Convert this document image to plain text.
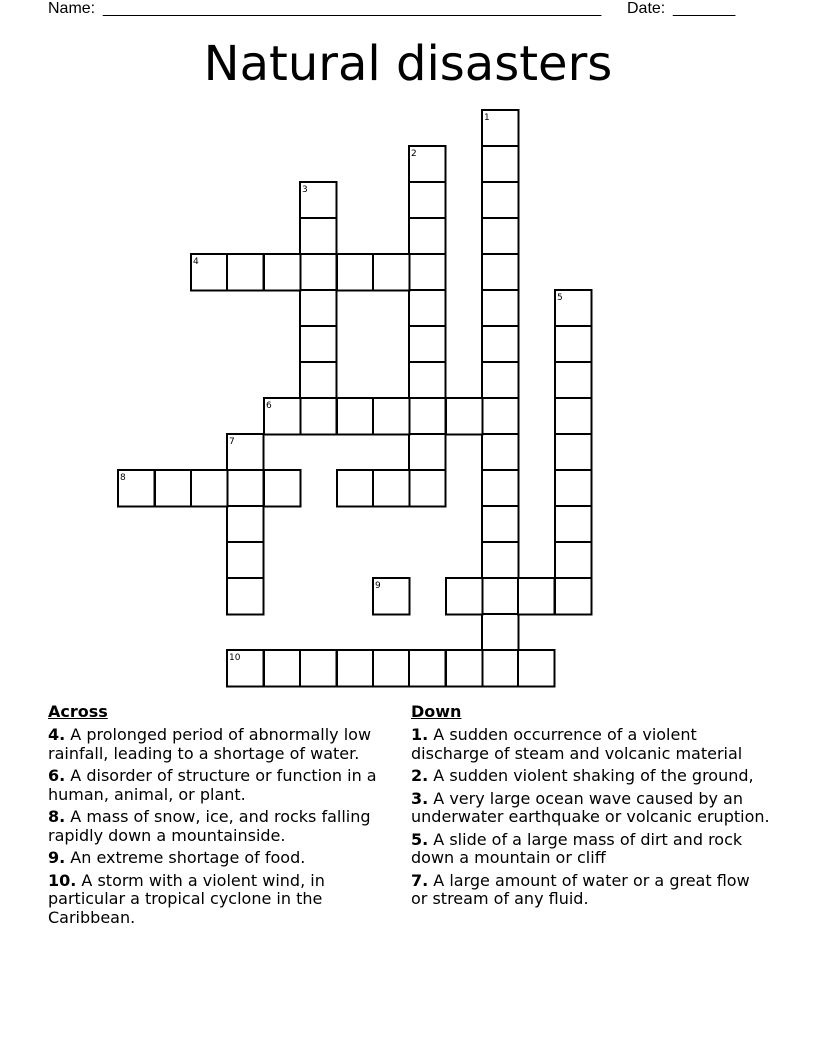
Name:

________________________________________________________

Date:

_______

Natural disasters
1
2
3
4
5
6
7
8
9
10
Across
4. A prolonged period of abnormally low rainfall, leading to a shortage of water.
6. A disorder of structure or function in a human, animal, or plant.
8. A mass of snow, ice, and rocks falling rapidly down a mountainside.
9. An extreme shortage of food.
10. A storm with a violent wind, in particular a tropical cyclone in the Caribbean.
Down
1. A sudden occurrence of a violent discharge of steam and volcanic material
2. A sudden violent shaking of the ground,
3. A very large ocean wave caused by an underwater earthquake or volcanic eruption.
5. A slide of a large mass of dirt and rock down a mountain or cliff
7. A large amount of water or a great flow or stream of any fluid.
